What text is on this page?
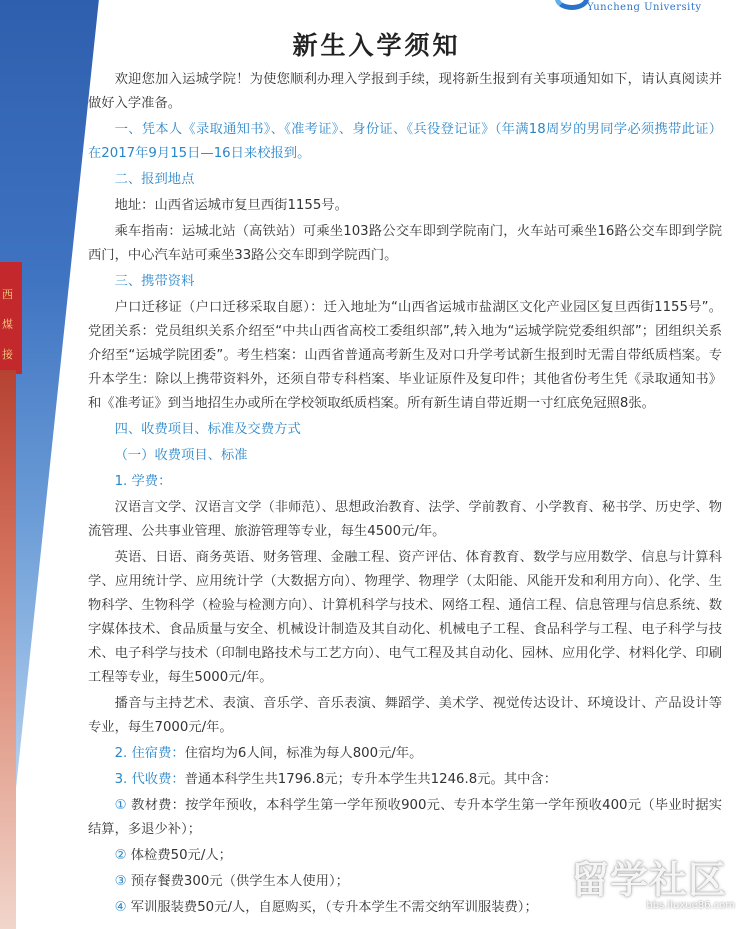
西
煤
接
Yuncheng University
新生入学须知

欢迎您加入运城学院！为使您顺利办理入学报到手续，现将新生报到有关事项通知如下，请认真阅读并做好入学准备。

一、凭本人《录取通知书》、《准考证》、身份证、《兵役登记证》（年满18周岁的男同学必须携带此证）在2017年9月15日—16日来校报到。

二、报到地点

地址：山西省运城市复旦西街1155号。

乘车指南：运城北站（高铁站）可乘坐103路公交车即到学院南门，火车站可乘坐16路公交车即到学院西门，中心汽车站可乘坐33路公交车即到学院西门。

三、携带资料

户口迁移证（户口迁移采取自愿）：迁入地址为“山西省运城市盐湖区文化产业园区复旦西街1155号”。党团关系：党员组织关系介绍至“中共山西省高校工委组织部”,转入地为“运城学院党委组织部”；团组织关系介绍至“运城学院团委”。考生档案：山西省普通高考新生及对口升学考试新生报到时无需自带纸质档案。专升本学生：除以上携带资料外，还须自带专科档案、毕业证原件及复印件；其他省份考生凭《录取通知书》和《准考证》到当地招生办或所在学校领取纸质档案。所有新生请自带近期一寸红底免冠照8张。

四、收费项目、标准及交费方式

（一）收费项目、标准

1. 学费：

汉语言文学、汉语言文学（非师范）、思想政治教育、法学、学前教育、小学教育、秘书学、历史学、物流管理、公共事业管理、旅游管理等专业，每生4500元/年。

英语、日语、商务英语、财务管理、金融工程、资产评估、体育教育、数学与应用数学、信息与计算科学、应用统计学、应用统计学（大数据方向）、物理学、物理学（太阳能、风能开发和利用方向）、化学、生物科学、生物科学（检验与检测方向）、计算机科学与技术、网络工程、通信工程、信息管理与信息系统、数字媒体技术、食品质量与安全、机械设计制造及其自动化、机械电子工程、食品科学与工程、电子科学与技术、电子科学与技术（印制电路技术与工艺方向）、电气工程及其自动化、园林、应用化学、材料化学、印刷工程等专业，每生5000元/年。

播音与主持艺术、表演、音乐学、音乐表演、舞蹈学、美术学、视觉传达设计、环境设计、产品设计等专业，每生7000元/年。

2. 住宿费：住宿均为6人间，标准为每人800元/年。

3. 代收费：普通本科学生共1796.8元；专升本学生共1246.8元。其中含：

① 教材费：按学年预收，本科学生第一学年预收900元、专升本学生第一学年预收400元（毕业时据实结算，多退少补）；

② 体检费50元/人；

③ 预存餐费300元（供学生本人使用）；

④ 军训服装费50元/人，自愿购买，（专升本学生不需交纳军训服装费）；

留学社区
bbs.liuxue86.com
